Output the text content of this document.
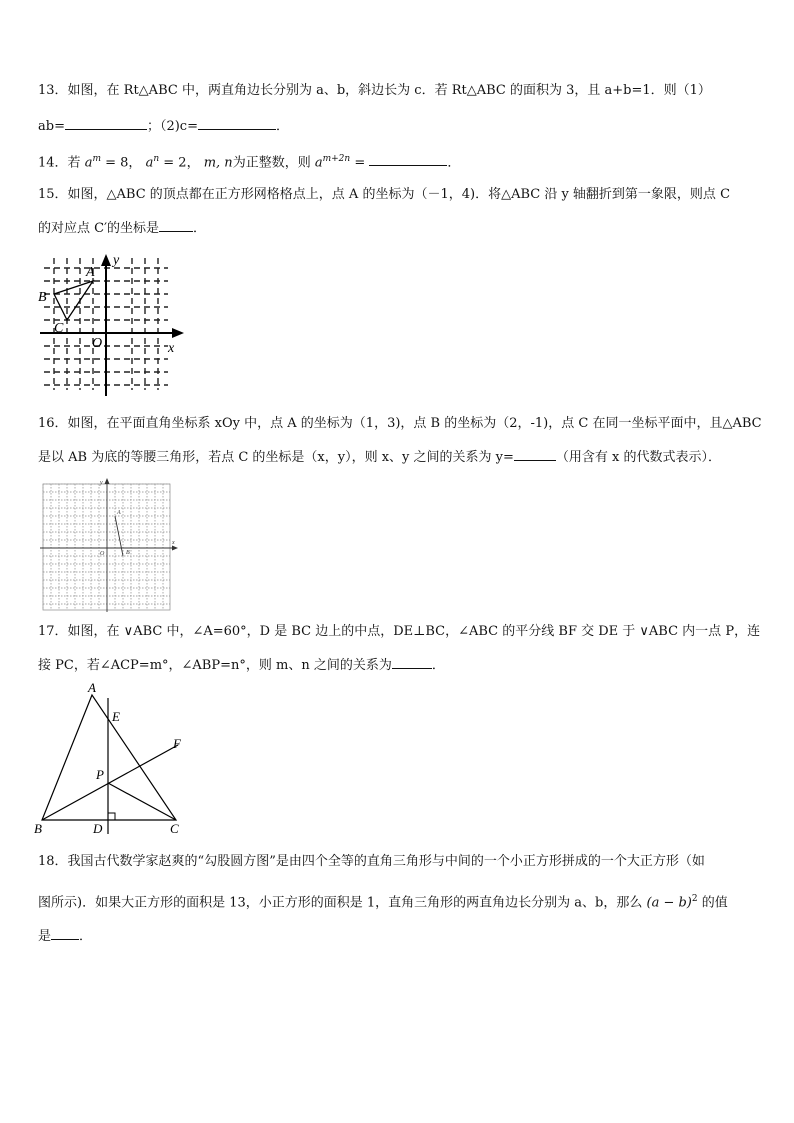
13．如图，在 Rt△ABC 中，两直角边长分别为 a、b，斜边长为 c．若 Rt△ABC 的面积为 3，且 a+b=1．则（1）
ab=	；（2)c=	．
14．若 $a^m = 8$， $a^n = 2$， m, n为正整数，则 $a^{m+2n}$ =	．
15．如图，△ABC 的顶点都在正方形网格格点上，点 A 的坐标为（－1，4)．将△ABC 沿 y 轴翻折到第一象限，则点 C
的对应点 C′的坐标是	．
A
B
C
O	x
y
16．如图，在平面直角坐标系 xOy 中，点 A 的坐标为（1，3)，点 B 的坐标为（2，-1)，点 C 在同一坐标平面中，且△ABC
是以 AB 为底的等腰三角形，若点 C 的坐标是（x，y），则 x、y 之间的关系为 y=	（用含有 x 的代数式表示）．
A
B
O
x
y
17．如图，在 ∨ABC 中，∠A=60°，D 是 BC 边上的中点，DE⊥BC，∠ABC 的平分线 BF 交 DE 于 ∨ABC 内一点 P，连
接 PC，若∠ACP=m°，∠ABP=n°，则 m、n 之间的关系为	．
A
B	C
D
E
F
P
18．我国古代数学家赵爽的“勾股圆方图”是由四个全等的直角三角形与中间的一个小正方形拼成的一个大正方形（如
图所示)．如果大正方形的面积是 13，小正方形的面积是 1，直角三角形的两直角边长分别为 a、b，那么 $(a - b)^2$ 的值
是 ．
